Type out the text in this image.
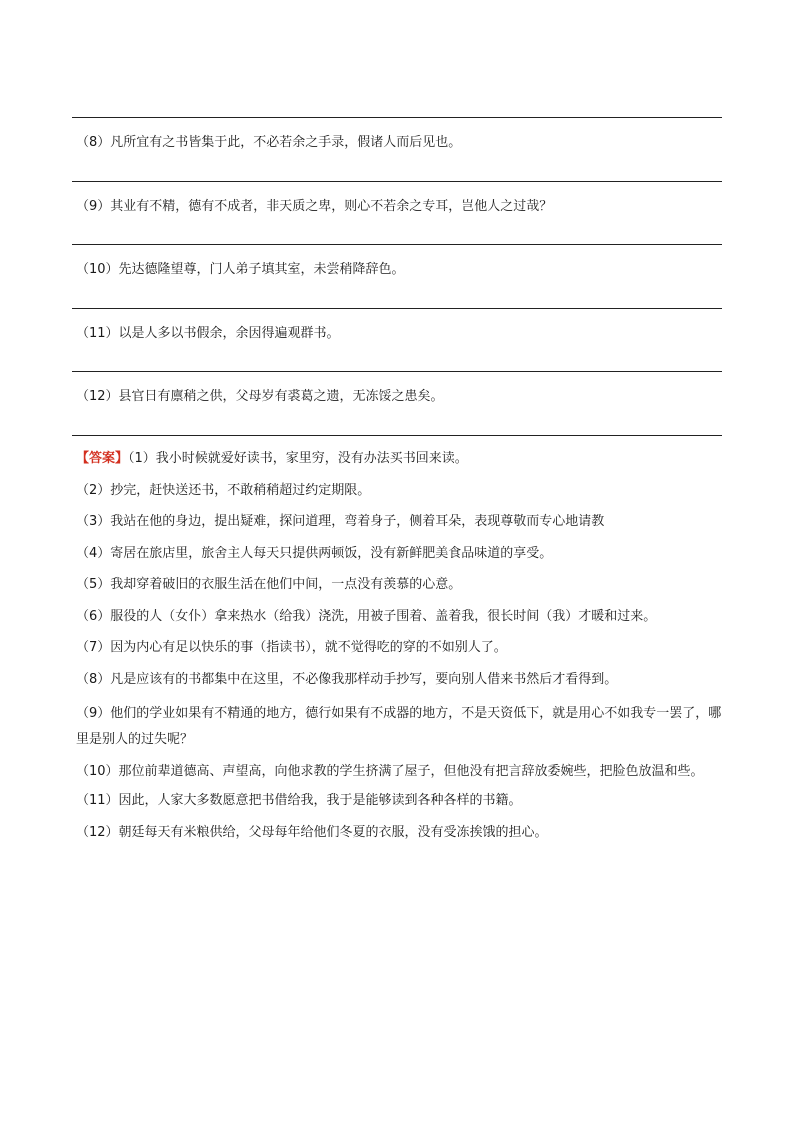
（8）凡所宜有之书皆集于此，不必若余之手录，假诸人而后见也。
（9）其业有不精，德有不成者，非天质之卑，则心不若余之专耳，岂他人之过哉？
（10）先达德隆望尊，门人弟子填其室，未尝稍降辞色。
（11）以是人多以书假余，余因得遍观群书。
（12）县官日有廪稍之供，父母岁有裘葛之遗，无冻馁之患矣。

【答案】（1）我小时候就爱好读书，家里穷，没有办法买书回来读。

（2）抄完，赶快送还书，不敢稍稍超过约定期限。

（3）我站在他的身边，提出疑难，探问道理，弯着身子，侧着耳朵，表现尊敬而专心地请教

（4）寄居在旅店里，旅舍主人每天只提供两顿饭，没有新鲜肥美食品味道的享受。

（5）我却穿着破旧的衣服生活在他们中间，一点没有羡慕的心意。

（6）服役的人（女仆）拿来热水（给我）浇洗，用被子围着、盖着我，很长时间（我）才暖和过来。

（7）因为内心有足以快乐的事（指读书），就不觉得吃的穿的不如别人了。

（8）凡是应该有的书都集中在这里，不必像我那样动手抄写，要向别人借来书然后才看得到。

（9）他们的学业如果有不精通的地方，德行如果有不成器的地方，不是天资低下，就是用心不如我专一罢了，哪里是别人的过失呢？

（10）那位前辈道德高、声望高，向他求教的学生挤满了屋子，但他没有把言辞放委婉些，把脸色放温和些。

（11）因此，人家大多数愿意把书借给我，我于是能够读到各种各样的书籍。

（12）朝廷每天有米粮供给，父母每年给他们冬夏的衣服，没有受冻挨饿的担心。
